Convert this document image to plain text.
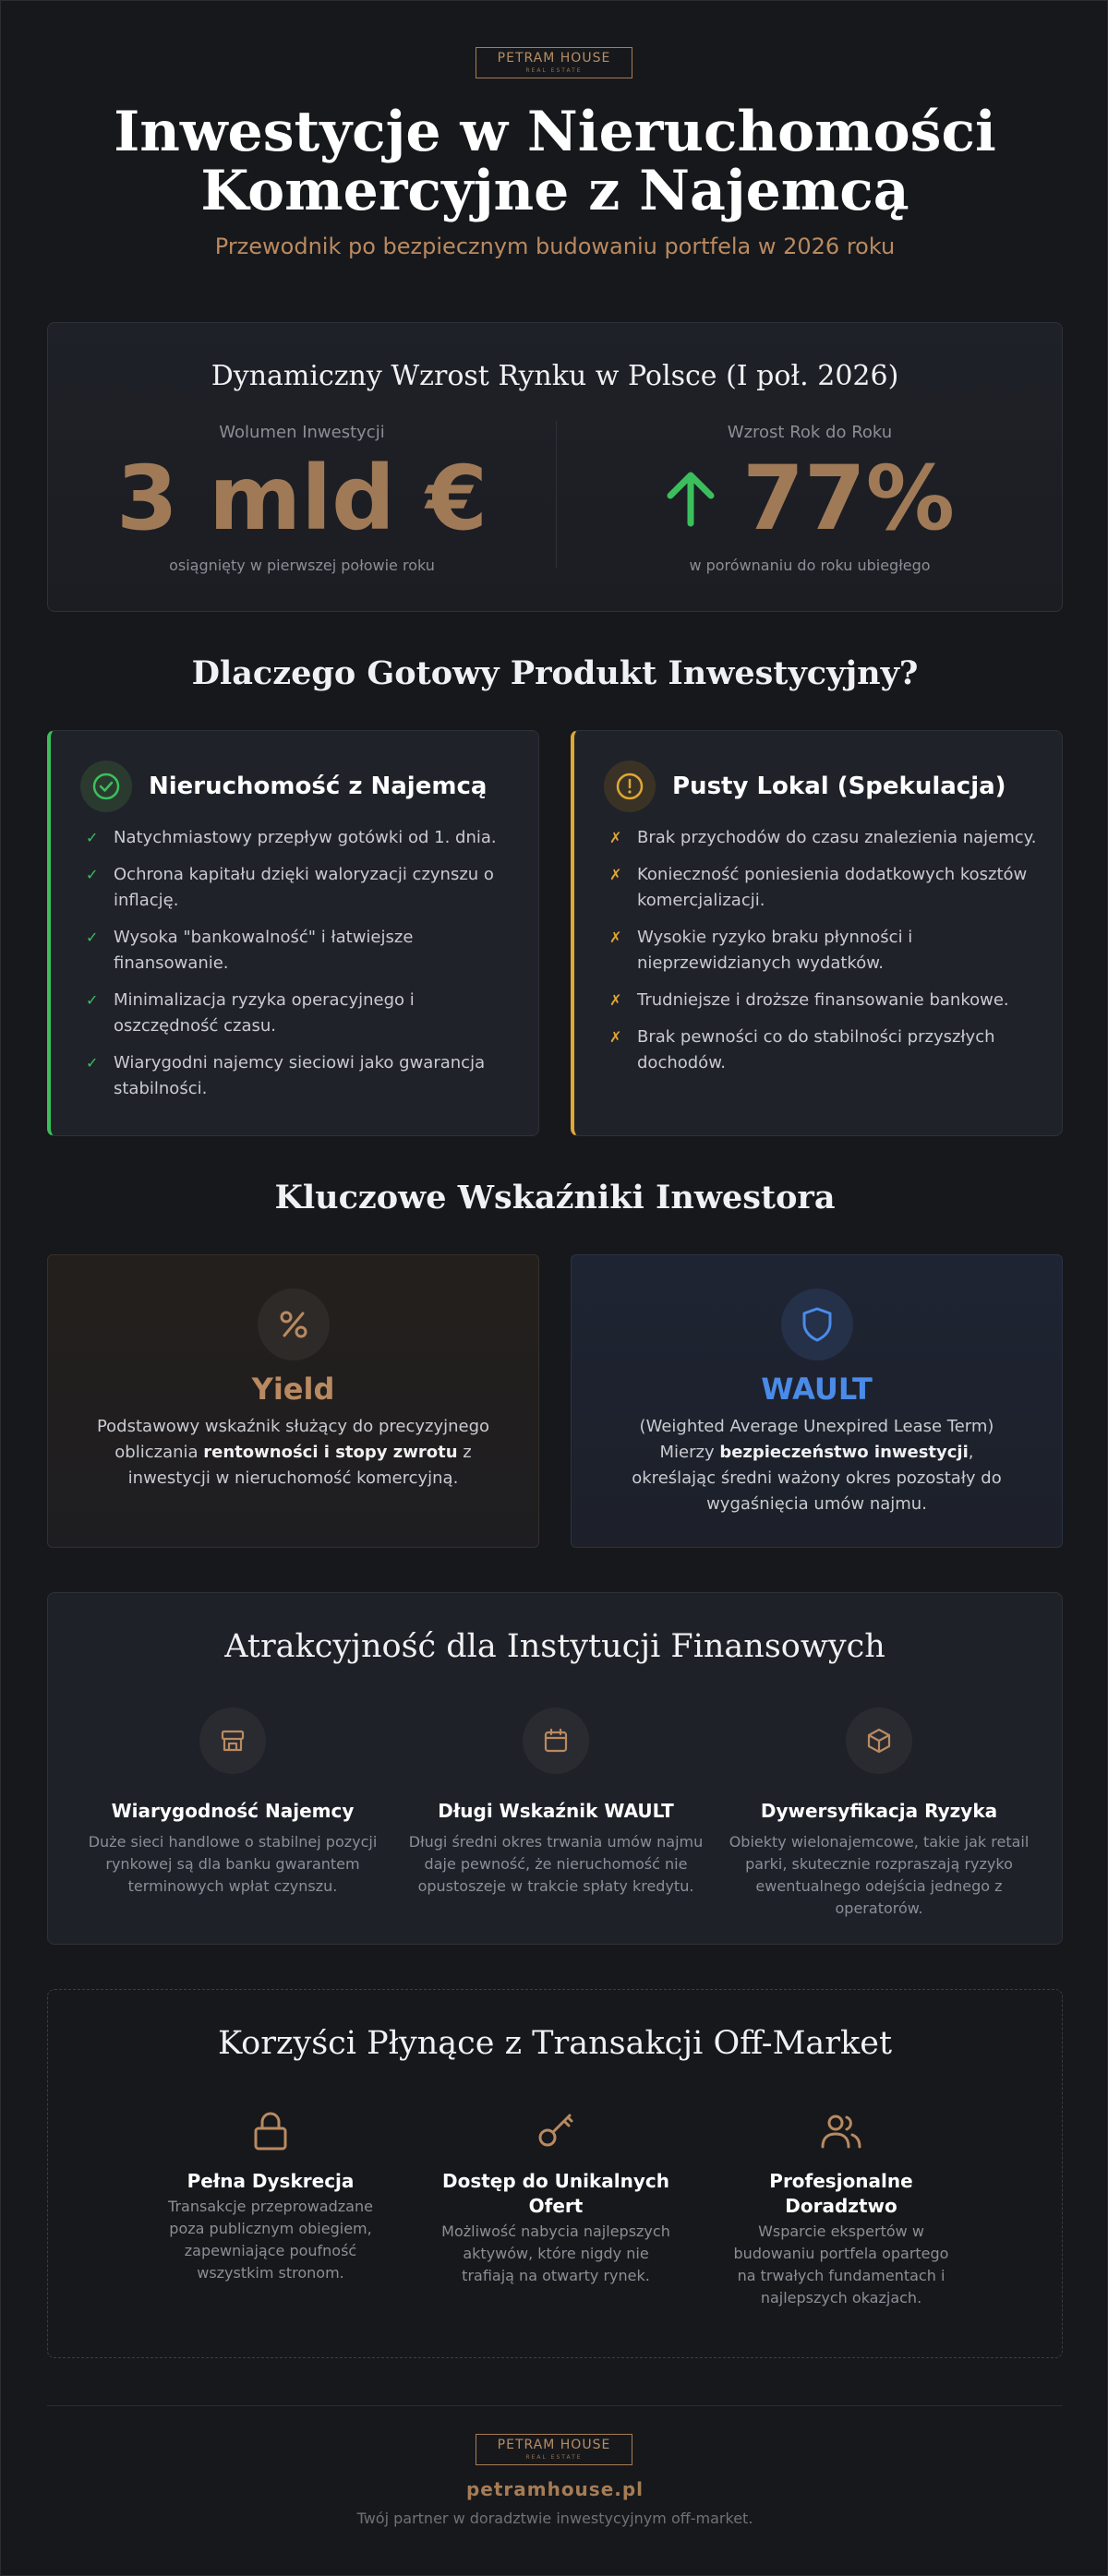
PETRAM HOUSE
REAL ESTATE
Inwestycje w Nieruchomości
Komercyjne z Najemcą
Przewodnik po bezpiecznym budowaniu portfela w 2026 roku
Dynamiczny Wzrost Rynku w Polsce (I poł. 2026)
Wolumen Inwestycji
3 mld €
osiągnięty w pierwszej połowie roku
Wzrost Rok do Roku
77%
w porównaniu do roku ubiegłego
Dlaczego Gotowy Produkt Inwestycyjny?
Nieruchomość z Najemcą
✓ Natychmiastowy przepływ gotówki od 1. dnia.
✓ Ochrona kapitału dzięki waloryzacji czynszu o inflację.
✓ Wysoka "bankowalność" i łatwiejsze finansowanie.
✓ Minimalizacja ryzyka operacyjnego i oszczędność czasu.
✓ Wiarygodni najemcy sieciowi jako gwarancja stabilności.
Pusty Lokal (Spekulacja)
✗ Brak przychodów do czasu znalezienia najemcy.
✗ Konieczność poniesienia dodatkowych kosztów komercjalizacji.
✗ Wysokie ryzyko braku płynności i nieprzewidzianych wydatków.
✗ Trudniejsze i droższe finansowanie bankowe.
✗ Brak pewności co do stabilności przyszłych dochodów.
Kluczowe Wskaźniki Inwestora
Yield

Podstawowy wskaźnik służący do precyzyjnego obliczania rentowności i stopy zwrotu z inwestycji w nieruchomość komercyjną.

WAULT

(Weighted Average Unexpired Lease Term) Mierzy bezpieczeństwo inwestycji, określając średni ważony okres pozostały do wygaśnięcia umów najmu.

Atrakcyjność dla Instytucji Finansowych
Wiarygodność Najemcy

Duże sieci handlowe o stabilnej pozycji rynkowej są dla banku gwarantem terminowych wpłat czynszu.

Długi Wskaźnik WAULT

Długi średni okres trwania umów najmu daje pewność, że nieruchomość nie opustoszeje w trakcie spłaty kredytu.

Dywersyfikacja Ryzyka

Obiekty wielonajemcowe, takie jak retail parki, skutecznie rozpraszają ryzyko ewentualnego odejścia jednego z operatorów.

Korzyści Płynące z Transakcji Off-Market
Pełna Dyskrecja

Transakcje przeprowadzane poza publicznym obiegiem, zapewniające poufność wszystkim stronom.

Dostęp do Unikalnych Ofert

Możliwość nabycia najlepszych aktywów, które nigdy nie trafiają na otwarty rynek.

Profesjonalne Doradztwo

Wsparcie ekspertów w budowaniu portfela opartego na trwałych fundamentach i najlepszych okazjach.

PETRAM HOUSE
REAL ESTATE
petramhouse.pl
Twój partner w doradztwie inwestycyjnym off-market.
